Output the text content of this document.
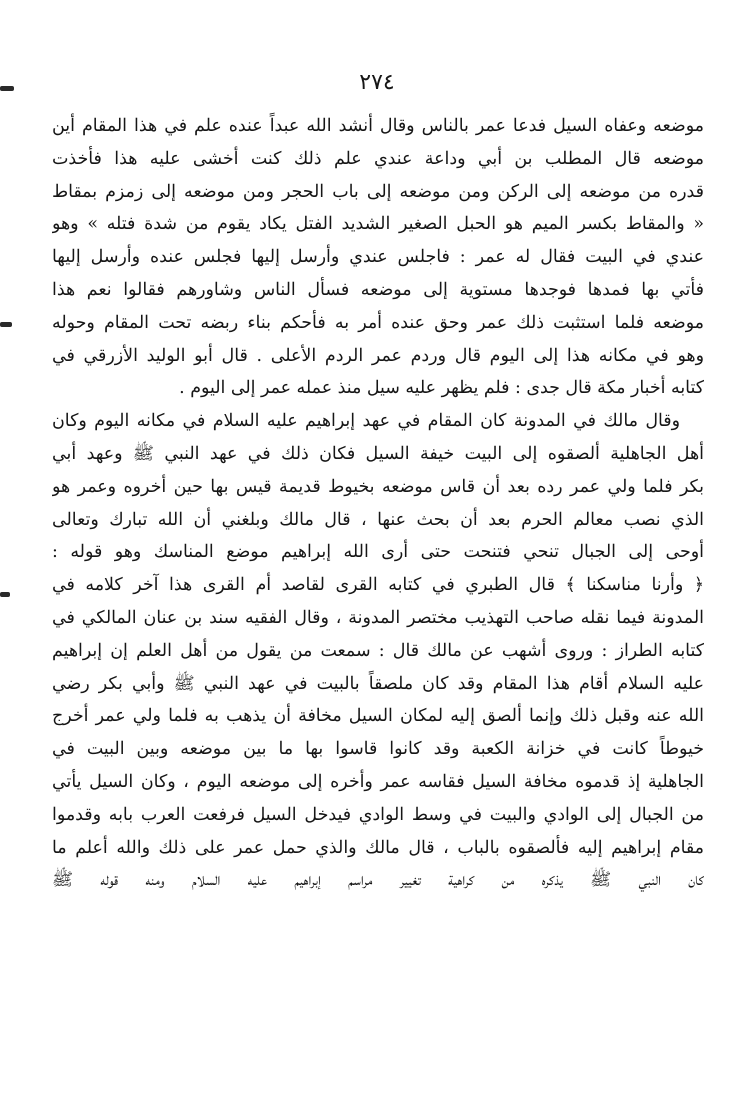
٢٧٤
موضعه وعفاه السيل فدعا عمر بالناس وقال أنشد الله عبداً عنده علم في هذا المقام أين
موضعه قال المطلب بن أبي وداعة عندي علم ذلك كنت أخشى عليه هذا فأخذت
قدره من موضعه إلى الركن ومن موضعه إلى باب الحجر ومن موضعه إلى زمزم بمقاط
« والمقاط بكسر الميم هو الحبل الصغير الشديد الفتل يكاد يقوم من شدة فتله » وهو
عندي في البيت فقال له عمر : فاجلس عندي وأرسل إليها فجلس عنده وأرسل إليها
فأتي بها فمدها فوجدها مستوية إلى موضعه فسأل الناس وشاورهم فقالوا نعم هذا
موضعه فلما استثبت ذلك عمر وحق عنده أمر به فأحكم بناء ربضه تحت المقام وحوله
وهو في مكانه هذا إلى اليوم قال وردم عمر الردم الأعلى . قال أبو الوليد الأزرقي في
كتابه أخبار مكة قال جدى : فلم يظهر عليه سيل منذ عمله عمر إلى اليوم .
وقال مالك في المدونة كان المقام في عهد إبراهيم عليه السلام في مكانه اليوم وكان
أهل الجاهلية ألصقوه إلى البيت خيفة السيل فكان ذلك في عهد النبي ﷺ وعهد أبي
بكر فلما ولي عمر رده بعد أن قاس موضعه بخيوط قديمة قيس بها حين أخروه وعمر هو
الذي نصب معالم الحرم بعد أن بحث عنها ، قال مالك وبلغني أن الله تبارك وتعالى
أوحى إلى الجبال تنحي فتنحت حتى أرى الله إبراهيم موضع المناسك وهو قوله :
﴿ وأرنا مناسكنا ﴾ قال الطبري في كتابه القرى لقاصد أم القرى هذا آخر كلامه في
المدونة فيما نقله صاحب التهذيب مختصر المدونة ، وقال الفقيه سند بن عنان المالكي في
كتابه الطراز : وروى أشهب عن مالك قال : سمعت من يقول من أهل العلم إن إبراهيم
عليه السلام أقام هذا المقام وقد كان ملصقاً بالبيت في عهد النبي ﷺ وأبي بكر رضي
الله عنه وقبل ذلك وإنما ألصق إليه لمكان السيل مخافة أن يذهب به فلما ولي عمر أخرج
خيوطاً كانت في خزانة الكعبة وقد كانوا قاسوا بها ما بين موضعه وبين البيت في
الجاهلية إذ قدموه مخافة السيل فقاسه عمر وأخره إلى موضعه اليوم ، وكان السيل يأتي
من الجبال إلى الوادي والبيت في وسط الوادي فيدخل السيل فرفعت العرب بابه وقدموا
مقام إبراهيم إليه فألصقوه بالباب ، قال مالك والذي حمل عمر على ذلك والله أعلم ما
كان النبي ﷺ يذكره من كراهية تغيير مراسم إبراهيم عليه السلام ومنه قوله ﷺ
